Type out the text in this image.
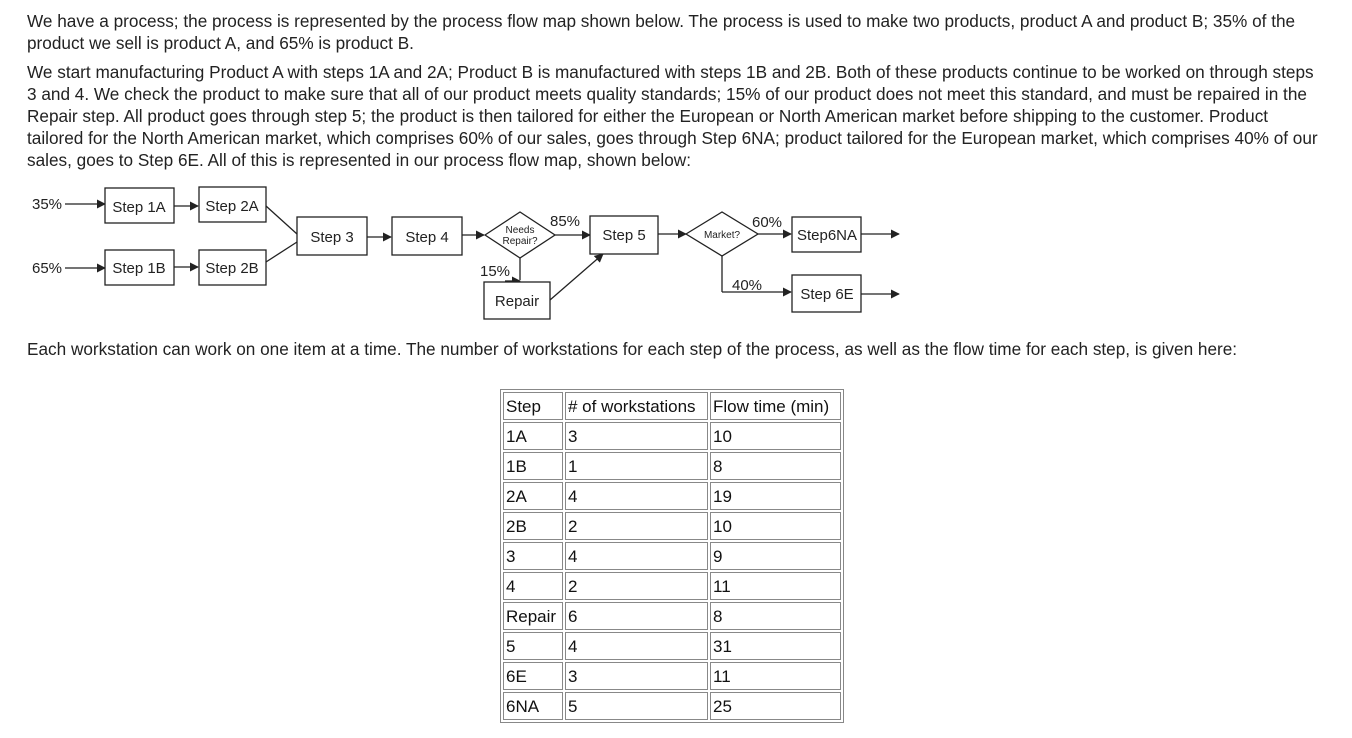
We have a process; the process is represented by the process flow map shown below. The process is used to make two products, product A and product B; 35% of the product we sell is product A, and 65% is product B.

We start manufacturing Product A with steps 1A and 2A; Product B is manufactured with steps 1B and 2B. Both of these products continue to be worked on through steps 3 and 4. We check the product to make sure that all of our product meets quality standards; 15% of our product does not meet this standard, and must be repaired in the Repair step. All product goes through step 5; the product is then tailored for either the European or North American market before shipping to the customer. Product tailored for the North American market, which comprises 60% of our sales, goes through Step 6NA; product tailored for the European market, which comprises 40% of our sales, goes to Step 6E. All of this is represented in our process flow map, shown below:

35%
65%
Step 1A	Step 2A
Step 1B	Step 2B
Step 3	Step 4	Needs
Repair?
85%
15%
Repair
Step 5	Market?
60%
40%
Step6NA
Step 6E

Each workstation can work on one item at a time. The number of workstations for each step of the process, as well as the flow time for each step, is given here:

Step	# of workstations	Flow time (min)
1A	3	10
1B	1	8
2A	4	19
2B	2	10
3	4	9
4	2	11
Repair	6	8
5	4	31
6E	3	11
6NA	5	25
